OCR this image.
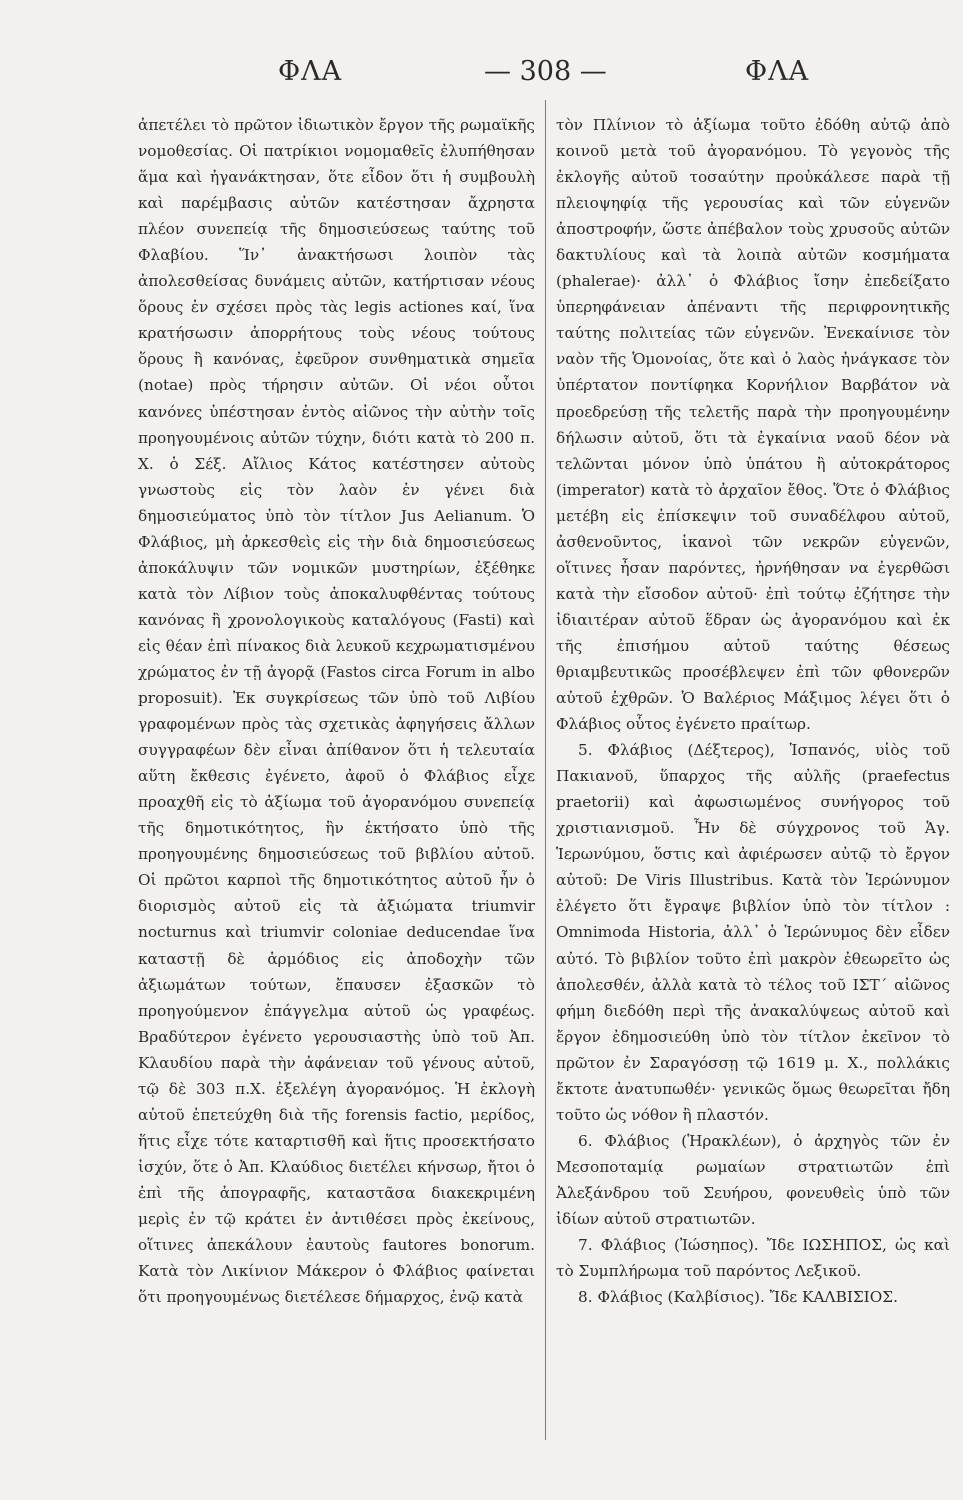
ΦΛΑ	— 308 —	ΦΛΑ

ἀπετέλει τὸ πρῶτον ἰδιωτικὸν ἔργον τῆς ρωμαϊκῆς νομοθεσίας. Οἱ πατρίκιοι νομομαθεῖς ἐλυπήθησαν ἅμα καὶ ἠγανάκτησαν, ὅτε εἶδον ὅτι ἡ συμβουλὴ καὶ παρέμβασις αὐτῶν κατέστησαν ἄχρηστα πλέον συνεπείᾳ τῆς δημοσιεύσεως ταύτης τοῦ Φλαβίου. Ἵν᾽ ἀνακτήσωσι λοιπὸν τὰς ἀπολεσθείσας δυνάμεις αὐτῶν, κατήρτισαν νέους ὅρους ἐν σχέσει πρὸς τὰς legis actiones καί, ἵνα κρατήσωσιν ἀπορρήτους τοὺς νέους τούτους ὅρους ἢ κανόνας, ἐφεῦρον συνθηματικὰ σημεῖα (notae) πρὸς τήρησιν αὐτῶν. Οἱ νέοι οὗτοι κανόνες ὑπέστησαν ἐντὸς αἰῶνος τὴν αὐτὴν τοῖς προηγουμένοις αὐτῶν τύχην, διότι κατὰ τὸ 200 π. Χ. ὁ Σέξ. Αἴλιος Κάτος κατέστησεν αὐτοὺς γνωστοὺς εἰς τὸν λαὸν ἐν γένει διὰ δημοσιεύματος ὑπὸ τὸν τίτλον Jus Aelianum. Ὁ Φλάβιος, μὴ ἀρκεσθεὶς εἰς τὴν διὰ δημοσιεύσεως ἀποκάλυψιν τῶν νομικῶν μυστηρίων, ἐξέθηκε κατὰ τὸν Λίβιον τοὺς ἀποκαλυφθέντας τούτους κανόνας ἢ χρονολογικοὺς καταλόγους (Fasti) καὶ εἰς θέαν ἐπὶ πίνακος διὰ λευκοῦ κεχρωματισμένου χρώματος ἐν τῇ ἀγορᾷ (Fastos circa Forum in albo proposuit). Ἐκ συγκρίσεως τῶν ὑπὸ τοῦ Λιβίου γραφομένων πρὸς τὰς σχετικὰς ἀφηγήσεις ἄλλων συγγραφέων δὲν εἶναι ἀπίθανον ὅτι ἡ τελευταία αὕτη ἔκθεσις ἐγένετο, ἀφοῦ ὁ Φλάβιος εἶχε προαχθῆ εἰς τὸ ἀξίωμα τοῦ ἀγορανόμου συνεπείᾳ τῆς δημοτικότητος, ἣν ἐκτήσατο ὑπὸ τῆς προηγουμένης δημοσιεύσεως τοῦ βιβλίου αὐτοῦ. Οἱ πρῶτοι καρποὶ τῆς δημοτικότητος αὐτοῦ ἦν ὁ διορισμὸς αὐτοῦ εἰς τὰ ἀξιώματα triumvir nocturnus καὶ triumvir coloniae deducendae ἵνα καταστῇ δὲ ἁρμόδιος εἰς ἀποδοχὴν τῶν ἀξιωμάτων τούτων, ἔπαυσεν ἐξασκῶν τὸ προηγούμενον ἐπάγγελμα αὐτοῦ ὡς γραφέως. Βραδύτερον ἐγένετο γερουσιαστὴς ὑπὸ τοῦ Ἀπ. Κλαυδίου παρὰ τὴν ἀφάνειαν τοῦ γένους αὐτοῦ, τῷ δὲ 303 π.Χ. ἐξελέγη ἀγορανόμος. Ἡ ἐκλογὴ αὐτοῦ ἐπετεύχθη διὰ τῆς forensis factio, μερίδος, ἥτις εἶχε τότε καταρτισθῆ καὶ ἥτις προσεκτήσατο ἰσχύν, ὅτε ὁ Ἀπ. Κλαύδιος διετέλει κήνσωρ, ἤτοι ὁ ἐπὶ τῆς ἀπογραφῆς, καταστᾶσα διακεκριμένη μερὶς ἐν τῷ κράτει ἐν ἀντιθέσει πρὸς ἐκείνους, οἵτινες ἀπεκάλουν ἑαυτοὺς fautores bonorum. Κατὰ τὸν Λικίνιον Μάκερον ὁ Φλάβιος φαίνεται ὅτι προηγουμένως διετέλεσε δήμαρχος, ἐνῷ κατὰ

τὸν Πλίνιον τὸ ἀξίωμα τοῦτο ἐδόθη αὐτῷ ἀπὸ κοινοῦ μετὰ τοῦ ἀγορανόμου. Τὸ γεγονὸς τῆς ἐκλογῆς αὐτοῦ τοσαύτην προὐκάλεσε παρὰ τῇ πλειοψηφίᾳ τῆς γερουσίας καὶ τῶν εὐγενῶν ἀποστροφήν, ὥστε ἀπέβαλον τοὺς χρυσοῦς αὐτῶν δακτυλίους καὶ τὰ λοιπὰ αὐτῶν κοσμήματα (phalerae)· ἀλλ᾽ ὁ Φλάβιος ἴσην ἐπεδείξατο ὑπερηφάνειαν ἀπέναντι τῆς περιφρονητικῆς ταύτης πολιτείας τῶν εὐγενῶν. Ἐνεκαίνισε τὸν ναὸν τῆς Ὁμονοίας, ὅτε καὶ ὁ λαὸς ἠνάγκασε τὸν ὑπέρτατον ποντίφηκα Κορνήλιον Βαρβάτον νὰ προεδρεύσῃ τῆς τελετῆς παρὰ τὴν προηγουμένην δήλωσιν αὐτοῦ, ὅτι τὰ ἐγκαίνια ναοῦ δέον νὰ τελῶνται μόνον ὑπὸ ὑπάτου ἢ αὐτοκράτορος (imperator) κατὰ τὸ ἀρχαῖον ἔθος. Ὅτε ὁ Φλάβιος μετέβη εἰς ἐπίσκεψιν τοῦ συναδέλφου αὐτοῦ, ἀσθενοῦντος, ἱκανοὶ τῶν νεκρῶν εὐγενῶν, οἵτινες ἦσαν παρόντες, ἠρνήθησαν να ἐγερθῶσι κατὰ τὴν εἴσοδον αὐτοῦ· ἐπὶ τούτῳ ἐζήτησε τὴν ἰδιαιτέραν αὐτοῦ ἕδραν ὡς ἀγορανόμου καὶ ἐκ τῆς ἐπισήμου αὐτοῦ ταύτης θέσεως θριαμβευτικῶς προσέβλεψεν ἐπὶ τῶν φθονερῶν αὐτοῦ ἐχθρῶν. Ὁ Βαλέριος Μάξιμος λέγει ὅτι ὁ Φλάβιος οὗτος ἐγένετο πραίτωρ.

5. Φλάβιος (Δέξτερος), Ἱσπανός, υἱὸς τοῦ Πακιανοῦ, ὕπαρχος τῆς αὐλῆς (praefectus praetorii) καὶ ἀφωσιωμένος συνήγορος τοῦ χριστιανισμοῦ. Ἦν δὲ σύγχρονος τοῦ Ἁγ. Ἱερωνύμου, ὅστις καὶ ἀφιέρωσεν αὐτῷ τὸ ἔργον αὐτοῦ: De Viris Illustribus. Κατὰ τὸν Ἱερώνυμον ἐλέγετο ὅτι ἔγραψε βιβλίον ὑπὸ τὸν τίτλον : Omnimoda Historia, ἀλλ᾽ ὁ Ἱερώνυμος δὲν εἶδεν αὐτό. Τὸ βιβλίον τοῦτο ἐπὶ μακρὸν ἐθεωρεῖτο ὡς ἀπολεσθέν, ἀλλὰ κατὰ τὸ τέλος τοῦ ΙΣΤ´ αἰῶνος φήμη διεδόθη περὶ τῆς ἀνακαλύψεως αὐτοῦ καὶ ἔργον ἐδημοσιεύθη ὑπὸ τὸν τίτλον ἐκεῖνον τὸ πρῶτον ἐν Σαραγόσσῃ τῷ 1619 μ. Χ., πολλάκις ἔκτοτε ἀνατυπωθέν· γενικῶς ὅμως θεωρεῖται ἤδη τοῦτο ὡς νόθον ἢ πλαστόν.

6. Φλάβιος (Ἡρακλέων), ὁ ἀρχηγὸς τῶν ἐν Μεσοποταμίᾳ ρωμαίων στρατιωτῶν ἐπὶ Ἀλεξάνδρου τοῦ Σευήρου, φονευθεὶς ὑπὸ τῶν ἰδίων αὐτοῦ στρατιωτῶν.

7. Φλάβιος (Ἰώσηπος). Ἴδε ΙΩΣΗΠΟΣ, ὡς καὶ τὸ Συμπλήρωμα τοῦ παρόντος Λεξικοῦ.

8. Φλάβιος (Καλβίσιος). Ἴδε ΚΑΛΒΙΣΙΟΣ.
